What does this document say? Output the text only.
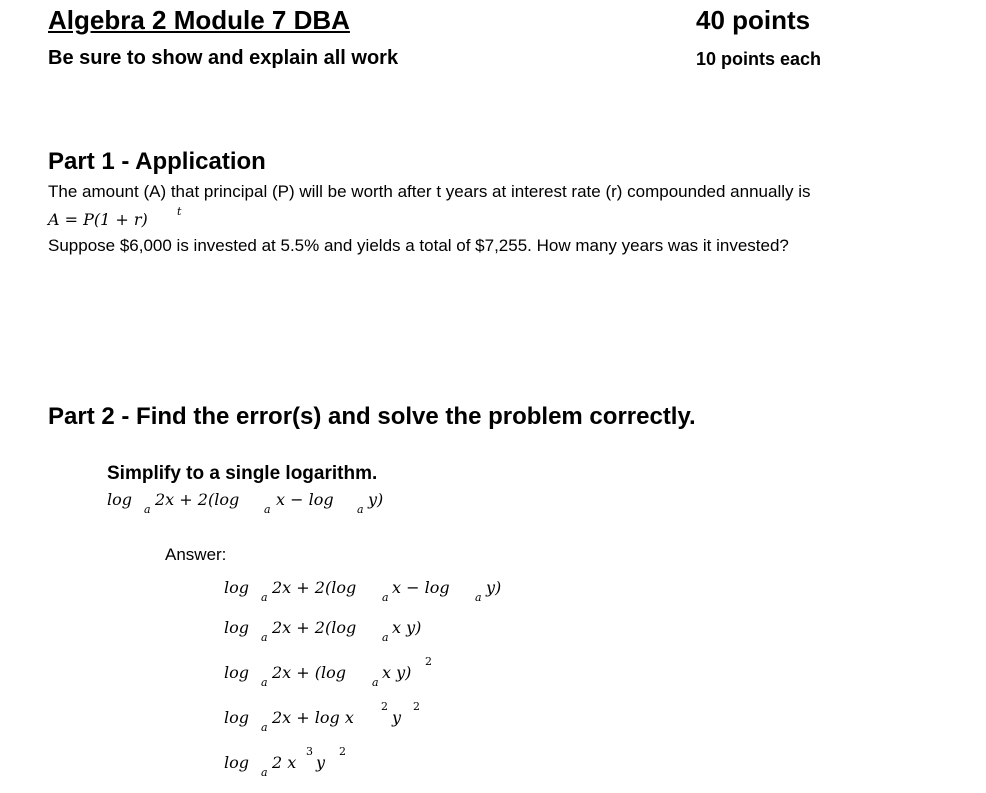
Algebra 2 Module 7 DBA	40 points
Be sure to show and explain all work	10 points each
Part 1 - Application
The amount (A) that principal (P) will be worth after t years at interest rate (r) compounded annually is
A = P(1 + r)	t
Suppose $6,000 is invested at 5.5% and yields a total of $7,255. How many years was it invested?
Part 2 - Find the error(s) and solve the problem correctly.
Simplify to a single logarithm.
log
a
2x + 2(log
a
x − log
a
y)
Answer:
log
a
2x + 2(log
a
x − log
a
y)
log
a
2x + 2(log
a
x y)
log
a
2x + (log
a
x y)
2
log
a
2x + log x
2
y
2
log
a
2 x
3
y
2
